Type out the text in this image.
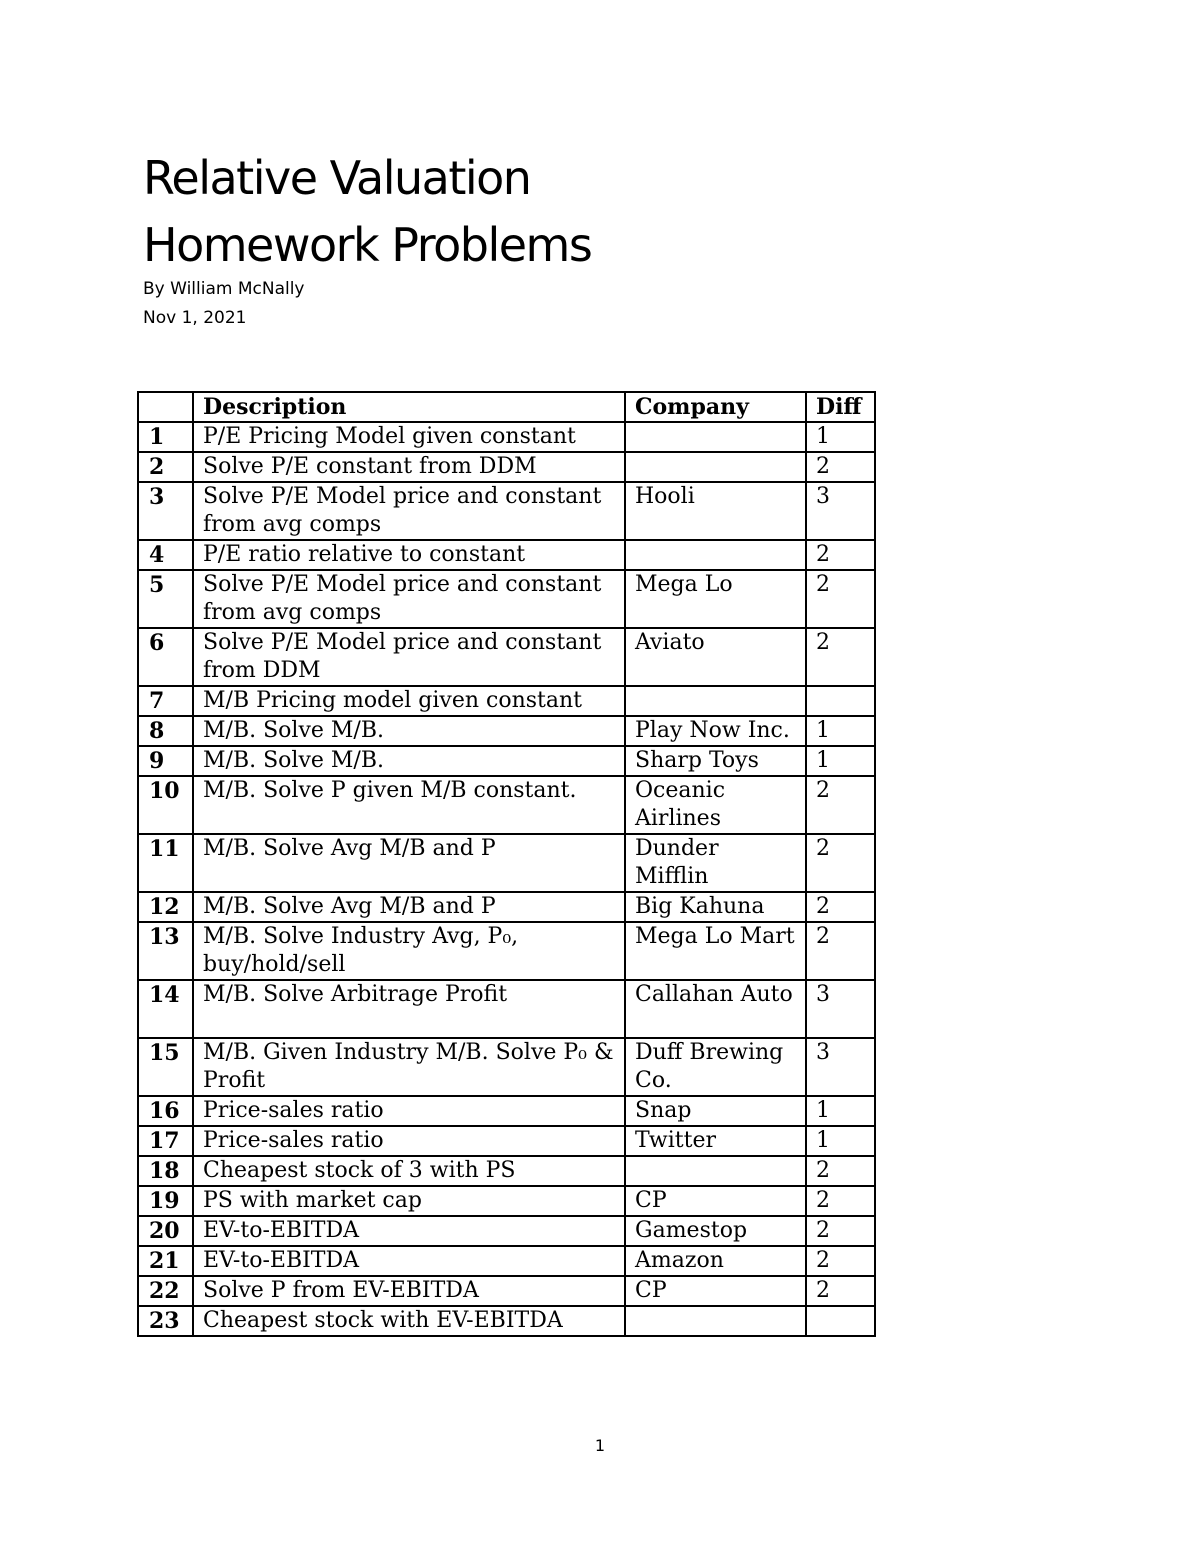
Relative Valuation
Homework Problems
By William McNally
Nov 1, 2021
	Description	Company	Diff
1	P/E Pricing Model given constant		1
2	Solve P/E constant from DDM		2
3	Solve P/E Model price and constant from avg comps	Hooli	3
4	P/E ratio relative to constant		2
5	Solve P/E Model price and constant from avg comps	Mega Lo	2
6	Solve P/E Model price and constant from DDM	Aviato	2
7	M/B Pricing model given constant		
8	M/B. Solve M/B.	Play Now Inc.	1
9	M/B. Solve M/B.	Sharp Toys	1
10	M/B. Solve P given M/B constant.	Oceanic Airlines	2
11	M/B. Solve Avg M/B and P	Dunder Mifflin	2
12	M/B. Solve Avg M/B and P	Big Kahuna	2
13	M/B. Solve Industry Avg, P₀, buy/hold/sell	Mega Lo Mart	2
14	M/B. Solve Arbitrage Profit	Callahan Auto	3
15	M/B. Given Industry M/B. Solve P₀ & Profit	Duff Brewing Co.	3
16	Price-sales ratio	Snap	1
17	Price-sales ratio	Twitter	1
18	Cheapest stock of 3 with PS		2
19	PS with market cap	CP	2
20	EV-to-EBITDA	Gamestop	2
21	EV-to-EBITDA	Amazon	2
22	Solve P from EV-EBITDA	CP	2
23	Cheapest stock with EV-EBITDA		
1
